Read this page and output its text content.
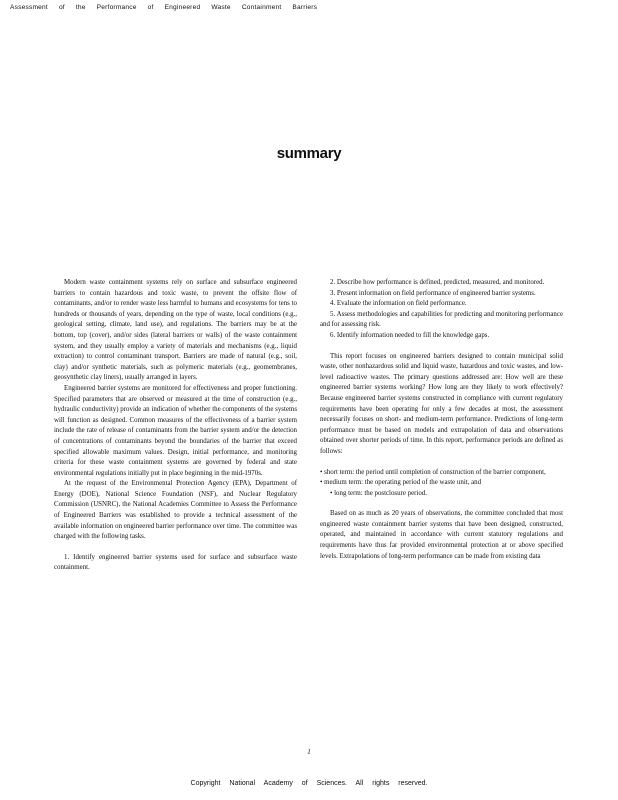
Assessment of the Performance of Engineered Waste Containment Barriers
summary

Modern waste containment systems rely on surface and subsurface engineered barriers to contain hazardous and toxic waste, to prevent the offsite flow of contaminants, and/or to render waste less harmful to humans and ecosystems for tens to hundreds or thousands of years, depending on the type of waste, local conditions (e.g., geological setting, climate, land use), and regulations. The barriers may be at the bottom, top (cover), and/or sides (lateral barriers or walls) of the waste containment system, and they usually employ a variety of materials and mechanisms (e.g., liquid extraction) to control contaminant transport. Barriers are made of natural (e.g., soil, clay) and/or synthetic materials, such as polymeric materials (e.g., geomembranes, geosynthetic clay liners), usually arranged in layers.

Engineered barrier systems are monitored for effectiveness and proper functioning. Specified parameters that are observed or measured at the time of construction (e.g., hydraulic conductivity) provide an indication of whether the components of the systems will function as designed. Common measures of the effectiveness of a barrier system include the rate of release of contaminants from the barrier system and/or the detection of concentrations of contaminants beyond the boundaries of the barrier that exceed specified allowable maximum values. Design, initial performance, and monitoring criteria for these waste containment systems are governed by federal and state environmental regulations initially put in place beginning in the mid-1970s.

At the request of the Environmental Protection Agency (EPA), Department of Energy (DOE), National Science Foundation (NSF), and Nuclear Regulatory Commission (USNRC), the National Academies Committee to Assess the Performance of Engineered Barriers was established to provide a technical assessment of the available information on engineered barrier performance over time. The committee was charged with the following tasks.

1. Identify engineered barrier systems used for surface and subsurface waste containment.

2. Describe how performance is defined, predicted, measured, and monitored.

3. Present information on field performance of engineered barrier systems.

4. Evaluate the information on field performance.

5. Assess methodologies and capabilities for predicting and monitoring performance and for assessing risk.

6. Identify information needed to fill the knowledge gaps.

This report focuses on engineered barriers designed to contain municipal solid waste, other nonhazardous solid and liquid waste, hazardous and toxic wastes, and low-level radioactive wastes. The primary questions addressed are: How well are these engineered barrier systems working? How long are they likely to work effectively? Because engineered barrier systems constructed in compliance with current regulatory requirements have been operating for only a few decades at most, the assessment necessarily focuses on short- and medium-term performance. Predictions of long-term performance must be based on models and extrapolation of data and observations obtained over shorter periods of time. In this report, performance periods are defined as follows:

• short term: the period until completion of construction of the barrier component,

• medium term: the operating period of the waste unit, and

• long term: the postclosure period.

Based on as much as 20 years of observations, the committee concluded that most engineered waste containment barrier systems that have been designed, constructed, operated, and maintained in accordance with current statutory regulations and requirements have thus far provided environmental protection at or above specified levels. Extrapolations of long-term performance can be made from existing data

1
Copyright National Academy of Sciences. All rights reserved.
